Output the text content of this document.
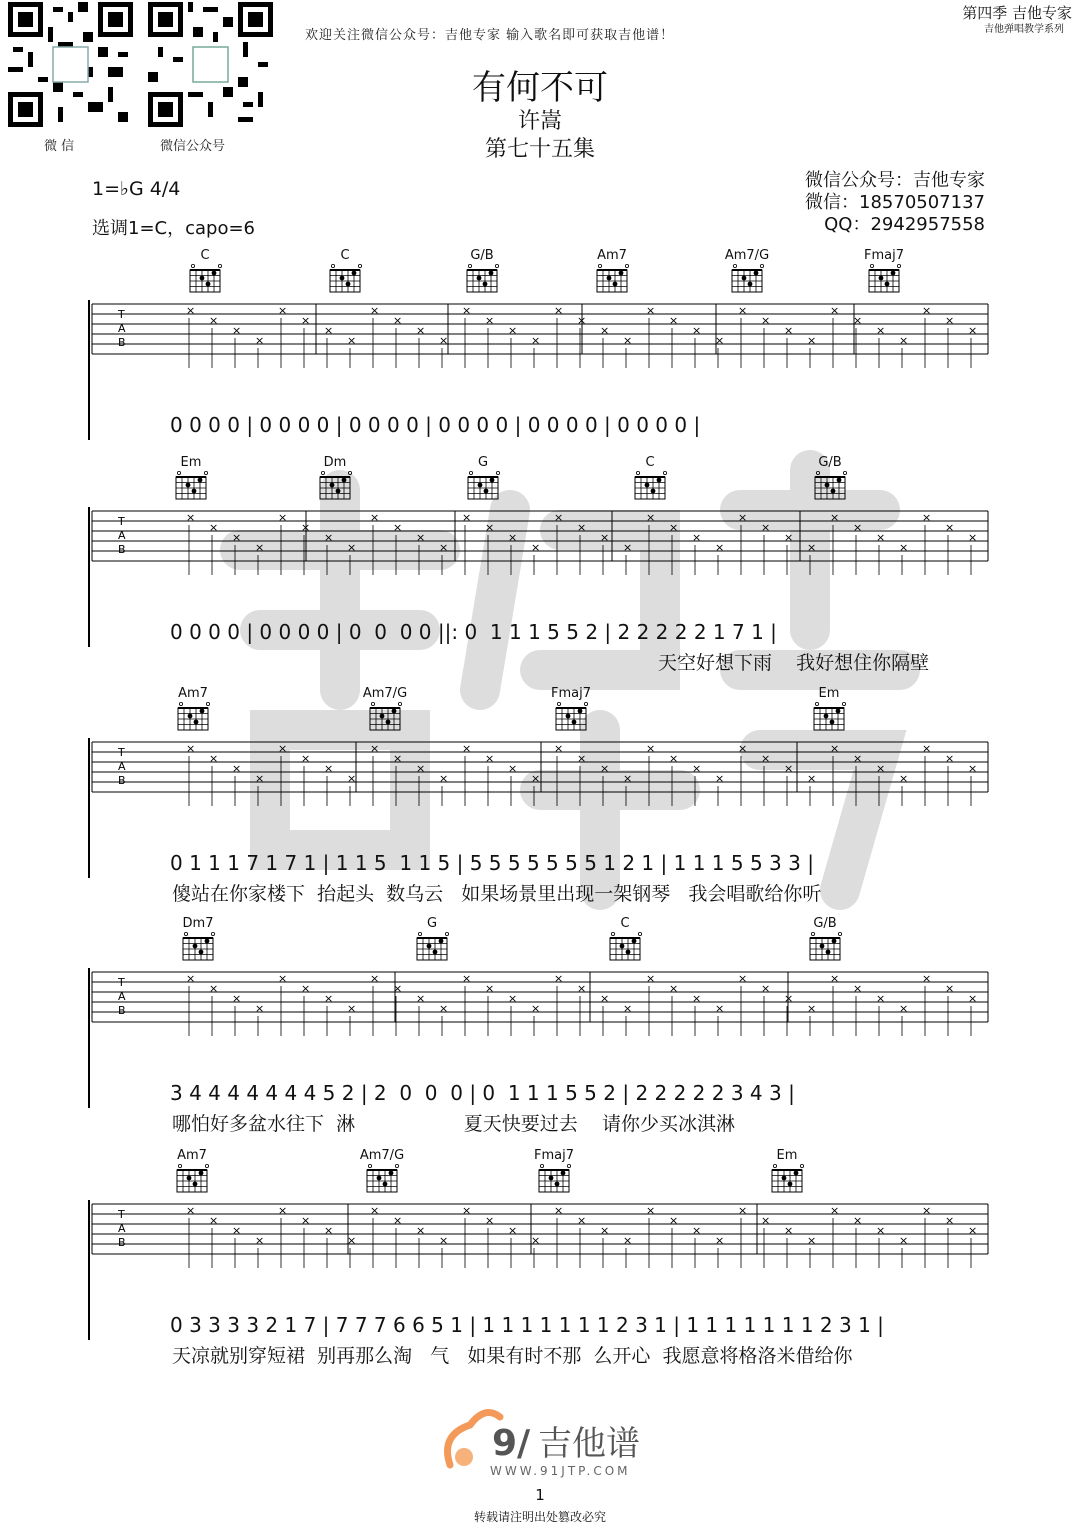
微 信	微信公众号
欢迎关注微信公众号：吉他专家 输入歌名即可获取吉他谱！
第四季 吉他专家
吉他弹唱教学系列
有何不可
许嵩
第七十五集
1=♭G 4/4
选调1=C，capo=6
微信公众号：吉他专家
微信：18570507137
QQ：2942957558
C	C	G/B	Am7	Am7/G	Fmaj7
T
A
B
×
×
×
×
×
×
×
×
×
×
×
×
×
×
×
×
×
×
×
×
×
×
×
×
×
×
×
×
×
×
×
×
×
×
×
0 0 0 0 | 0 0 0 0 | 0 0 0 0 | 0 0 0 0 | 0 0 0 0 | 0 0 0 0 |
Em	Dm	G	C	G/B
T
A
B
×
×
×
×
×
×
×
×
×
×
×
×
×
×
×
×
×
×
×
×
×
×
×
×
×
×
×
×
×
×
×
×
×
×
×
0 0 0 0 | 0 0 0 0 | 0  0  0 0 ||: 0  1 1 1 5 5 2 | 2 2 2 2 2 1 7 1 |
天空好想下雨    我好想住你隔壁
Am7	Am7/G	Fmaj7	Em
T
A
B
×
×
×
×
×
×
×
×
×
×
×
×
×
×
×
×
×
×
×
×
×
×
×
×
×
×
×
×
×
×
×
×
×
×
×
0 1 1 1 7 1 7 1 | 1 1 5  1 1 5 | 5 5 5 5 5 5 5 1 2 1 | 1 1 1 5 5 3 3 |
傻站在你家楼下  抬起头  数乌云   如果场景里出现一架钢琴   我会唱歌给你听
Dm7	G	C	G/B
T
A
B
×
×
×
×
×
×
×
×
×
×
×
×
×
×
×
×
×
×
×
×
×
×
×
×
×
×
×
×
×
×
×
×
×
×
×
3 4 4 4 4 4 4 4 5 2 | 2  0  0  0 | 0  1 1 1 5 5 2 | 2 2 2 2 2 3 4 3 |
哪怕好多盆水往下  淋                  夏天快要过去    请你少买冰淇淋
Am7	Am7/G	Fmaj7	Em
T
A
B
×
×
×
×
×
×
×
×
×
×
×
×
×
×
×
×
×
×
×
×
×
×
×
×
×
×
×
×
×
×
×
×
×
×
×
0 3 3 3 3 2 1 7 | 7 7 7 6 6 5 1 | 1 1 1 1 1 1 1 2 3 1 | 1 1 1 1 1 1 1 2 3 1 |
天凉就别穿短裙  别再那么淘   气   如果有时不那  么开心  我愿意将格洛米借给你
9/ 吉他谱
WWW.91JTP.COM
1
转载请注明出处篡改必究
